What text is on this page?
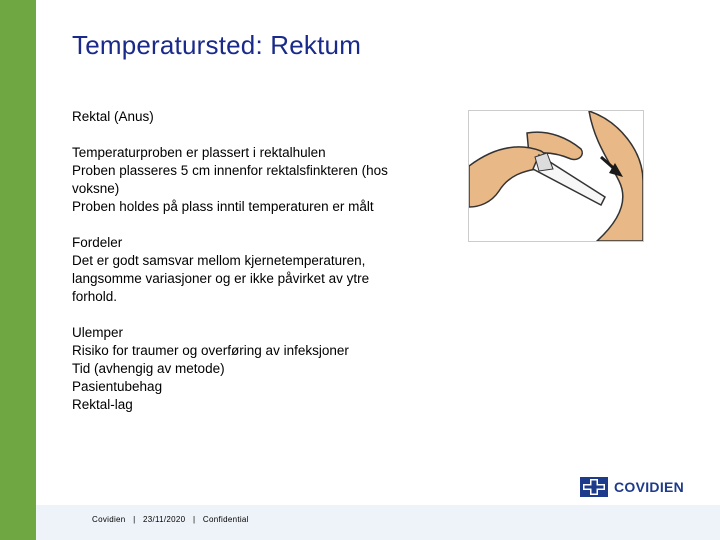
Temperatursted: Rektum
Rektal (Anus)
Temperaturproben er plassert i rektalhulen
Proben plasseres 5 cm innenfor rektalsfinkteren (hos
voksne)
Proben holdes på plass inntil temperaturen er målt
Fordeler
Det er godt samsvar mellom kjernetemperaturen,
langsomme variasjoner og er ikke påvirket av ytre
forhold.
Ulemper
Risiko for traumer og overføring av infeksjoner
Tid (avhengig av metode)
Pasientubehag
Rektal-lag
COVIDIEN
Covidien | 23/11/2020 | Confidential
